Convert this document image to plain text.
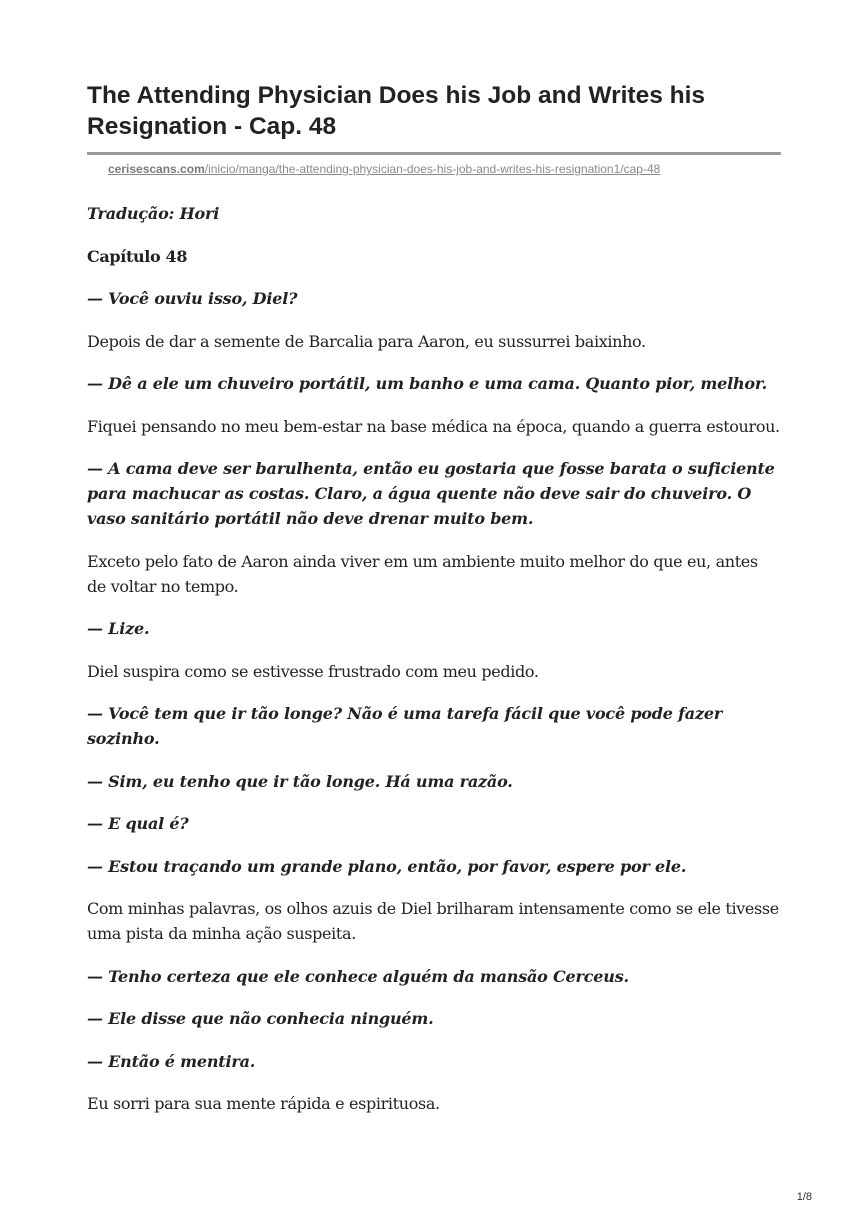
The Attending Physician Does his Job and Writes his Resignation - Cap. 48
cerisescans.com/inicio/manga/the-attending-physician-does-his-job-and-writes-his-resignation1/cap-48

Tradução: Hori

Capítulo 48

— Você ouviu isso, Diel?

Depois de dar a semente de Barcalia para Aaron, eu sussurrei baixinho.

— Dê a ele um chuveiro portátil, um banho e uma cama. Quanto pior, melhor.

Fiquei pensando no meu bem-estar na base médica na época, quando a guerra estourou.

— A cama deve ser barulhenta, então eu gostaria que fosse barata o suficiente para machucar as costas. Claro, a água quente não deve sair do chuveiro. O vaso sanitário portátil não deve drenar muito bem.

Exceto pelo fato de Aaron ainda viver em um ambiente muito melhor do que eu, antes de voltar no tempo.

— Lize.

Diel suspira como se estivesse frustrado com meu pedido.

— Você tem que ir tão longe? Não é uma tarefa fácil que você pode fazer sozinho.

— Sim, eu tenho que ir tão longe. Há uma razão.

— E qual é?

— Estou traçando um grande plano, então, por favor, espere por ele.

Com minhas palavras, os olhos azuis de Diel brilharam intensamente como se ele tivesse uma pista da minha ação suspeita.

— Tenho certeza que ele conhece alguém da mansão Cerceus.

— Ele disse que não conhecia ninguém.

— Então é mentira.

Eu sorri para sua mente rápida e espirituosa.

1/8
